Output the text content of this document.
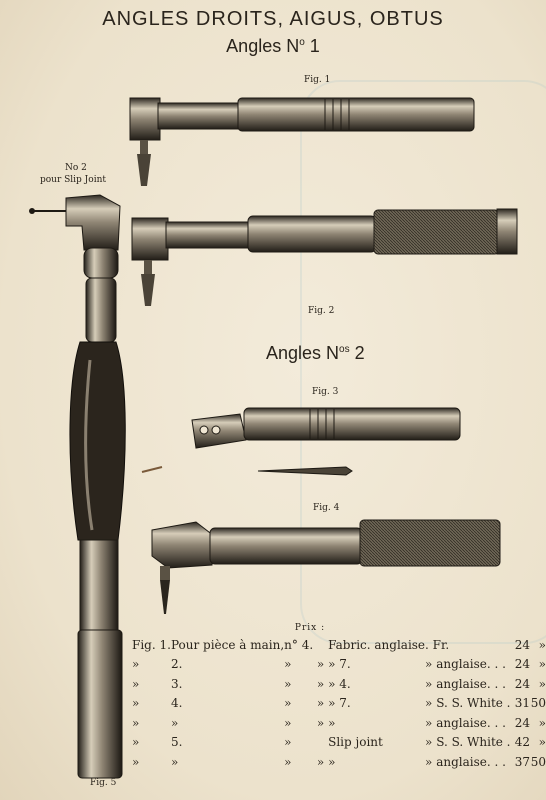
ANGLES DROITS, AIGUS, OBTUS
Angles $N^o$ 1
Angles $N^{os}$ 2
Fig. 1
No 2
pour Slip Joint
Fig. 2
Fig. 3
Fig. 4
Fig. 5
Prix :
Fig. 1.	Pour pièce à main,	n° 4.		Fabric. anglaise	. Fr.	24	»
»	2.	»	»	» 7.	» anglaise. . .	24	»
»	3.	»	»	» 4.	» anglaise. . .	24	»
»	4.	»	»	» 7.	» S. S. White .	31	50
»	»	»	»	»	» anglaise. . .	24	»
»	5.	»		Slip joint	» S. S. White .	42	»
»	»	»	»	»	» anglaise. . .	37	50
